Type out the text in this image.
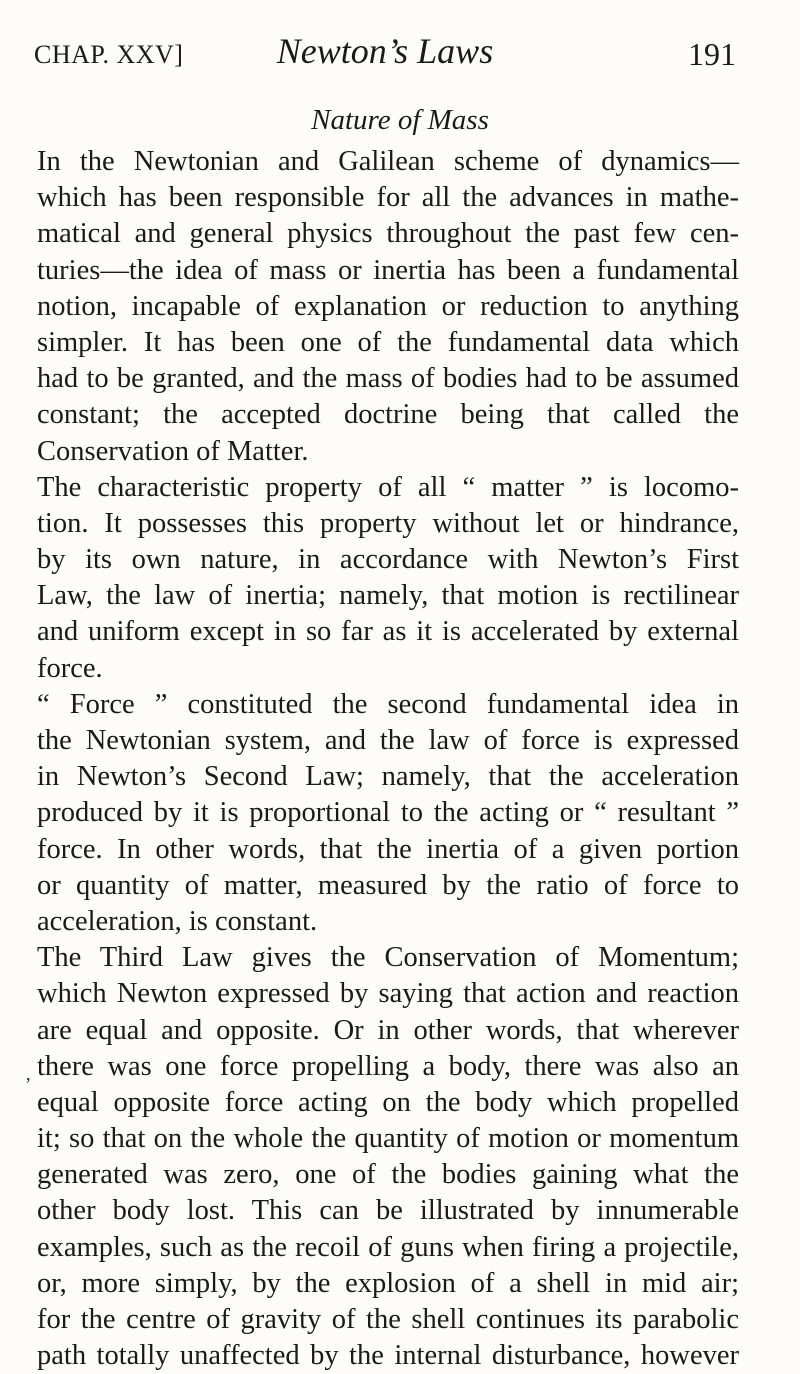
CHAP. XXV]	Newton’s Laws	191
Nature of Mass
In the Newtonian and Galilean scheme of dynamics—
which has been responsible for all the advances in mathe-
matical and general physics throughout the past few cen-
turies—the idea of mass or inertia has been a fundamental
notion, incapable of explanation or reduction to anything
simpler. It has been one of the fundamental data which
had to be granted, and the mass of bodies had to be assumed
constant; the accepted doctrine being that called the
Conservation of Matter.
The characteristic property of all “ matter ” is locomo-
tion. It possesses this property without let or hindrance,
by its own nature, in accordance with Newton’s First
Law, the law of inertia; namely, that motion is rectilinear
and uniform except in so far as it is accelerated by external
force.
“ Force ” constituted the second fundamental idea in
the Newtonian system, and the law of force is expressed
in Newton’s Second Law; namely, that the acceleration
produced by it is proportional to the acting or “ resultant ”
force. In other words, that the inertia of a given portion
or quantity of matter, measured by the ratio of force to
acceleration, is constant.
The Third Law gives the Conservation of Momentum;
which Newton expressed by saying that action and reaction
are equal and opposite. Or in other words, that wherever
there was one force propelling a body, there was also an
equal opposite force acting on the body which propelled
it; so that on the whole the quantity of motion or momentum
generated was zero, one of the bodies gaining what the
other body lost. This can be illustrated by innumerable
examples, such as the recoil of guns when firing a projectile,
or, more simply, by the explosion of a shell in mid air;
for the centre of gravity of the shell continues its parabolic
path totally unaffected by the internal disturbance, however
,
